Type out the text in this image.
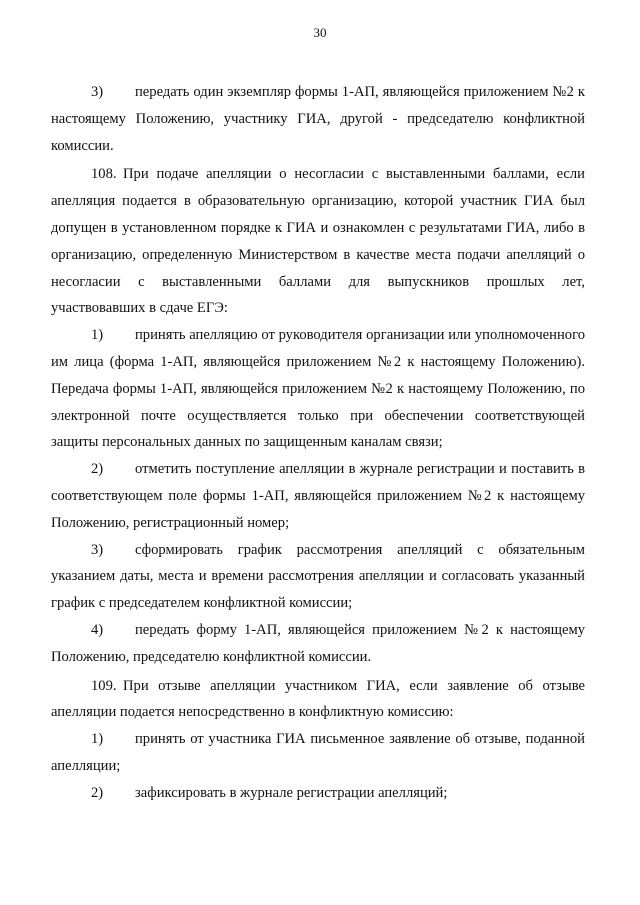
30

3) передать один экземпляр формы 1-АП, являющейся приложением №2 к настоящему Положению, участнику ГИА, другой - председателю конфликтной комиссии.

108. При подаче апелляции о несогласии с выставленными баллами, если апелляция подается в образовательную организацию, которой участник ГИА был допущен в установленном порядке к ГИА и ознакомлен с результатами ГИА, либо в организацию, определенную Министерством в качестве места подачи апелляций о несогласии с выставленными баллами для выпускников прошлых лет, участвовавших в сдаче ЕГЭ:

1) принять апелляцию от руководителя организации или уполномоченного им лица (форма 1-АП, являющейся приложением №2 к настоящему Положению). Передача формы 1-АП, являющейся приложением №2 к настоящему Положению, по электронной почте осуществляется только при обеспечении соответствующей защиты персональных данных по защищенным каналам связи;

2) отметить поступление апелляции в журнале регистрации и поставить в соответствующем поле формы 1-АП, являющейся приложением №2 к настоящему Положению, регистрационный номер;

3) сформировать график рассмотрения апелляций с обязательным указанием даты, места и времени рассмотрения апелляции и согласовать указанный график с председателем конфликтной комиссии;

4) передать форму 1-АП, являющейся приложением №2 к настоящему Положению, председателю конфликтной комиссии.

109. При отзыве апелляции участником ГИА, если заявление об отзыве апелляции подается непосредственно в конфликтную комиссию:

1) принять от участника ГИА письменное заявление об отзыве, поданной апелляции;

2) зафиксировать в журнале регистрации апелляций;
